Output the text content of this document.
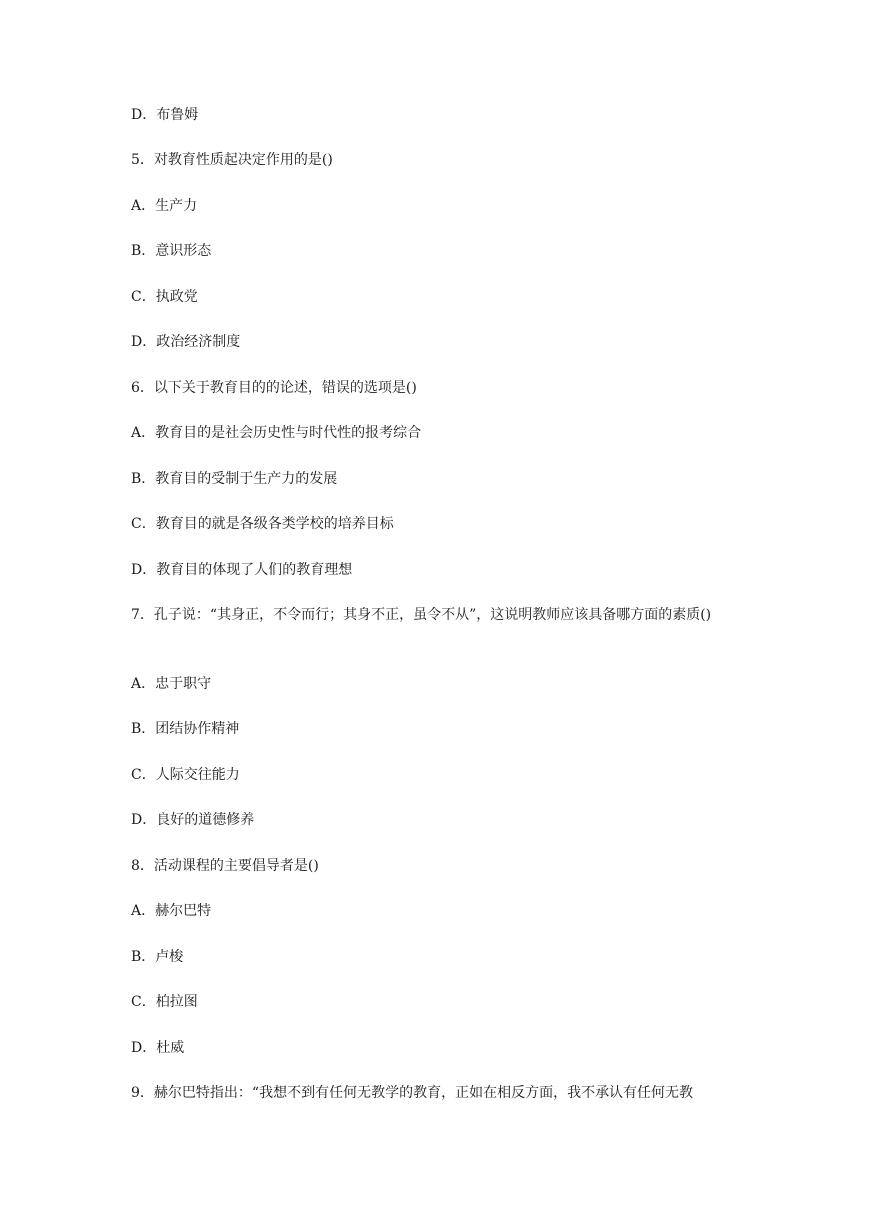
D．布鲁姆
5．对教育性质起决定作用的是()
A．生产力
B．意识形态
C．执政党
D．政治经济制度
6．以下关于教育目的的论述，错误的选项是()
A．教育目的是社会历史性与时代性的报考综合
B．教育目的受制于生产力的发展
C．教育目的就是各级各类学校的培养目标
D．教育目的体现了人们的教育理想
7．孔子说：“其身正，不令而行；其身不正，虽令不从”，这说明教师应该具备哪方面的素质()
A．忠于职守
B．团结协作精神
C．人际交往能力
D．良好的道德修养
8．活动课程的主要倡导者是()
A．赫尔巴特
B．卢梭
C．柏拉图
D．杜威
9．赫尔巴特指出：“我想不到有任何无教学的教育，正如在相反方面，我不承认有任何无教
